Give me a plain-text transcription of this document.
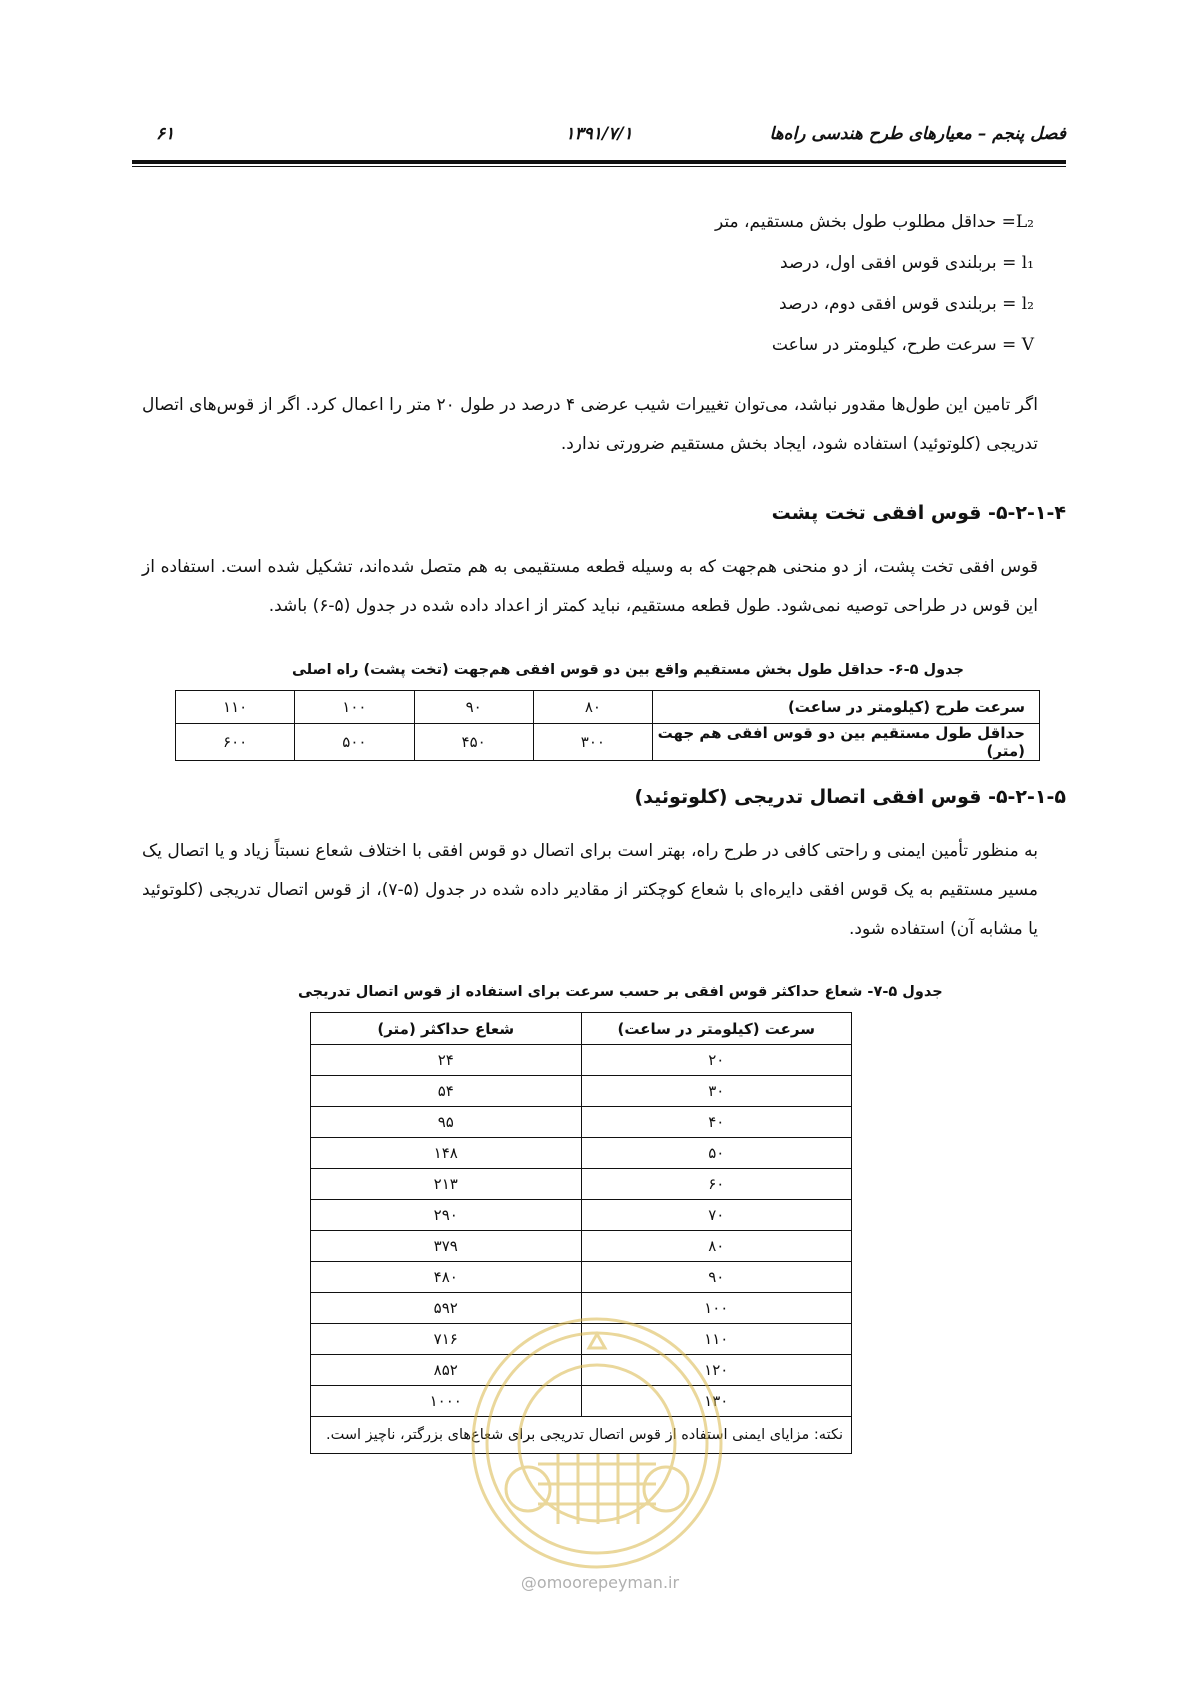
فصل پنجم – معیارهای طرح هندسی راه‌ها
۱۳۹۱/۷/۱
۶۱
L₂= حداقل مطلوب طول بخش مستقیم، متر
l₁ = بربلندی قوس افقی اول، درصد
l₂ = بربلندی قوس افقی دوم، درصد
V = سرعت طرح، کیلومتر در ساعت
اگر تامین این طول‌ها مقدور نباشد، می‌توان تغییرات شیب عرضی ۴ درصد در طول ۲۰ متر را اعمال کرد. اگر از قوس‌های اتصال تدریجی (کلوتوئید) استفاده شود، ایجاد بخش مستقیم ضرورتی ندارد.
۵-۲-۱-۴- قوس افقی تخت پشت
قوس افقی تخت پشت، از دو منحنی هم‌جهت که به وسیله قطعه مستقیمی به هم متصل شده‌اند، تشکیل شده است. استفاده از این قوس در طراحی توصیه نمی‌شود. طول قطعه مستقیم، نباید کمتر از اعداد داده شده در جدول (۵-۶) باشد.
جدول ۵-۶- حداقل طول بخش مستقیم واقع بین دو قوس افقی هم‌جهت (تخت پشت) راه اصلی
سرعت طرح (کیلومتر در ساعت)	۸۰	۹۰	۱۰۰	۱۱۰
حداقل طول مستقیم بین دو قوس افقی هم جهت (متر)	۳۰۰	۴۵۰	۵۰۰	۶۰۰
۵-۲-۱-۵- قوس افقی اتصال تدریجی (کلوتوئید)
به منظور تأمین ایمنی و راحتی کافی در طرح راه، بهتر است برای اتصال دو قوس افقی با اختلاف شعاع نسبتاً زیاد و یا اتصال یک مسیر مستقیم به یک قوس افقی دایره‌ای با شعاع کوچکتر از مقادیر داده شده در جدول (۵-۷)، از قوس اتصال تدریجی (کلوتوئید یا مشابه آن) استفاده شود.
جدول ۵-۷- شعاع حداکثر قوس افقی بر حسب سرعت برای استفاده از قوس اتصال تدریجی
سرعت (کیلومتر در ساعت)	شعاع حداکثر (متر)
۲۰	۲۴
۳۰	۵۴
۴۰	۹۵
۵۰	۱۴۸
۶۰	۲۱۳
۷۰	۲۹۰
۸۰	۳۷۹
۹۰	۴۸۰
۱۰۰	۵۹۲
۱۱۰	۷۱۶
۱۲۰	۸۵۲
۱۳۰	۱۰۰۰
نکته: مزایای ایمنی استفاده از قوس اتصال تدریجی برای شعاع‌های بزرگتر، ناچیز است.	
@omoorepeyman.ir
